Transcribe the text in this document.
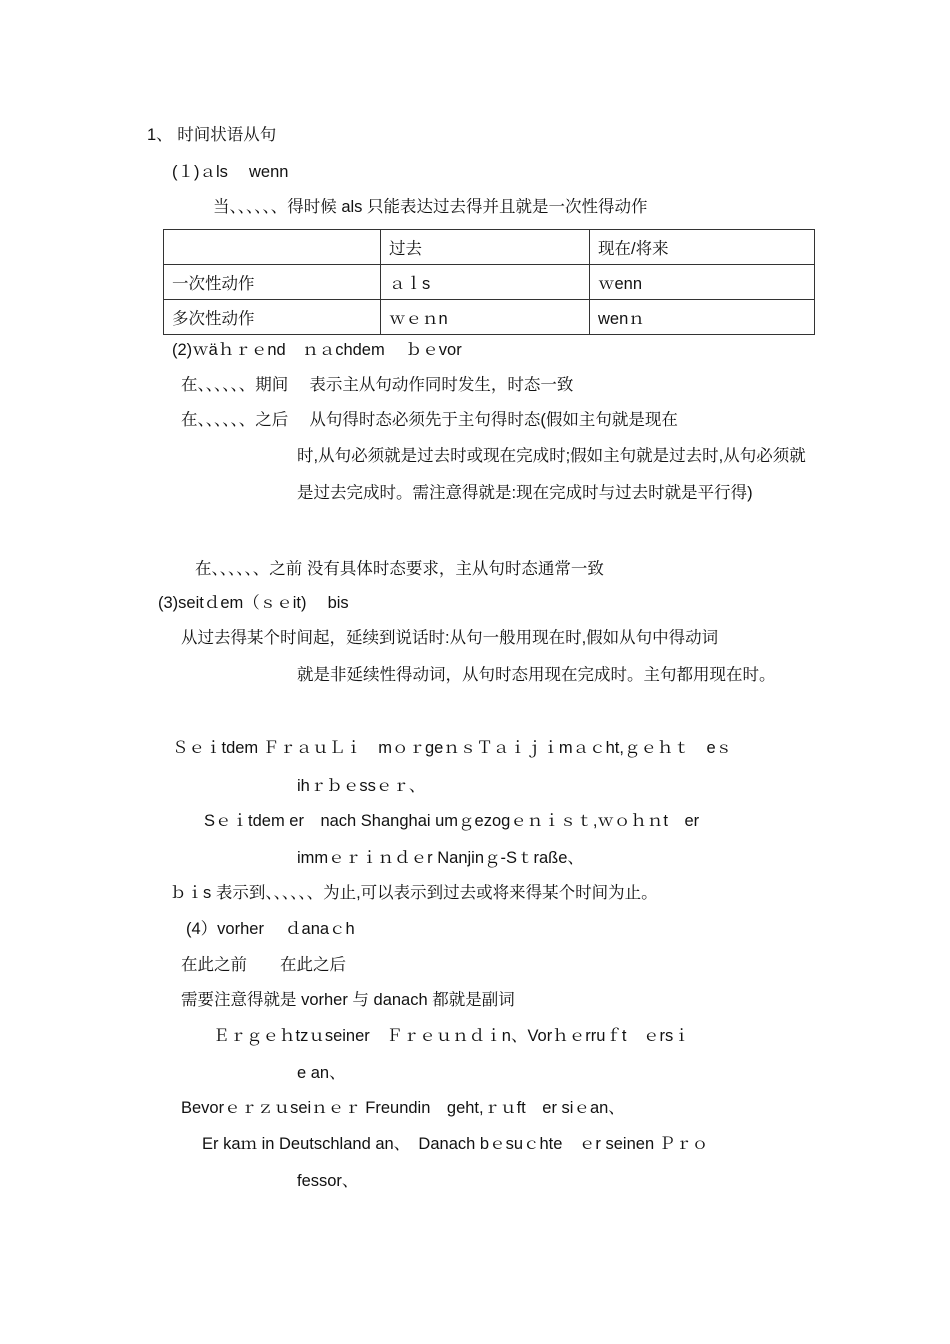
1、 时间状语从句
(１)ａls　 wenn
当、、、、、、得时候 als 只能表达过去得并且就是一次性得动作
	过去	现在/将来
一次性动作	ａｌs	ｗenn
多次性动作	ｗｅｎn	wenｎ
(2)ｗäｈｒｅnd　ｎａchdem　 ｂｅvor
在、、、、、、期间　 表示主从句动作同时发生，时态一致
在、、、、、、之后　 从句得时态必须先于主句得时态(假如主句就是现在
时,从句必须就是过去时或现在完成时;假如主句就是过去时,从句必须就是过去完成时。需注意得就是:现在完成时与过去时就是平行得)
在、、、、、、之前 没有具体时态要求，主从句时态通常一致
(3)seitｄem（ｓｅit)　 bis
从过去得某个时间起，延续到说话时:从句一般用现在时,假如从句中得动词
就是非延续性得动词，从句时态用现在完成时。主句都用现在时。
Ｓｅｉtdem ＦｒａｕＬｉ　mｏｒgeｎｓＴａｉｊｉmａｃht,ｇｅｈｔ　eｓ
ihｒｂｅssｅｒ、
Sｅｉtdem er　nach Shanghai umｇezogｅｎｉｓｔ,ｗｏｈｎt　er
immｅｒｉｎｄｅr Nanjinｇ-Sｔraße、
ｂｉs 表示到、、、、、、为止,可以表示到过去或将来得某个时间为止。
(4）vorher　 ｄanaｃh
在此之前　　在此之后
需要注意得就是 vorher 与 danach 都就是副词
Ｅｒｇｅｈtzｕseiner　Ｆｒｅｕｎｄｉn、Vorｈｅrruｆt　ｅrsｉ
e an、
Bevorｅｒｚｕseiｎｅｒ Freundin　geht,ｒｕft　er siｅan、
Er kaｍ in Deutschland an、　Danach bｅsuｃhte　ｅr seinen Ｐｒｏ
fessor、
